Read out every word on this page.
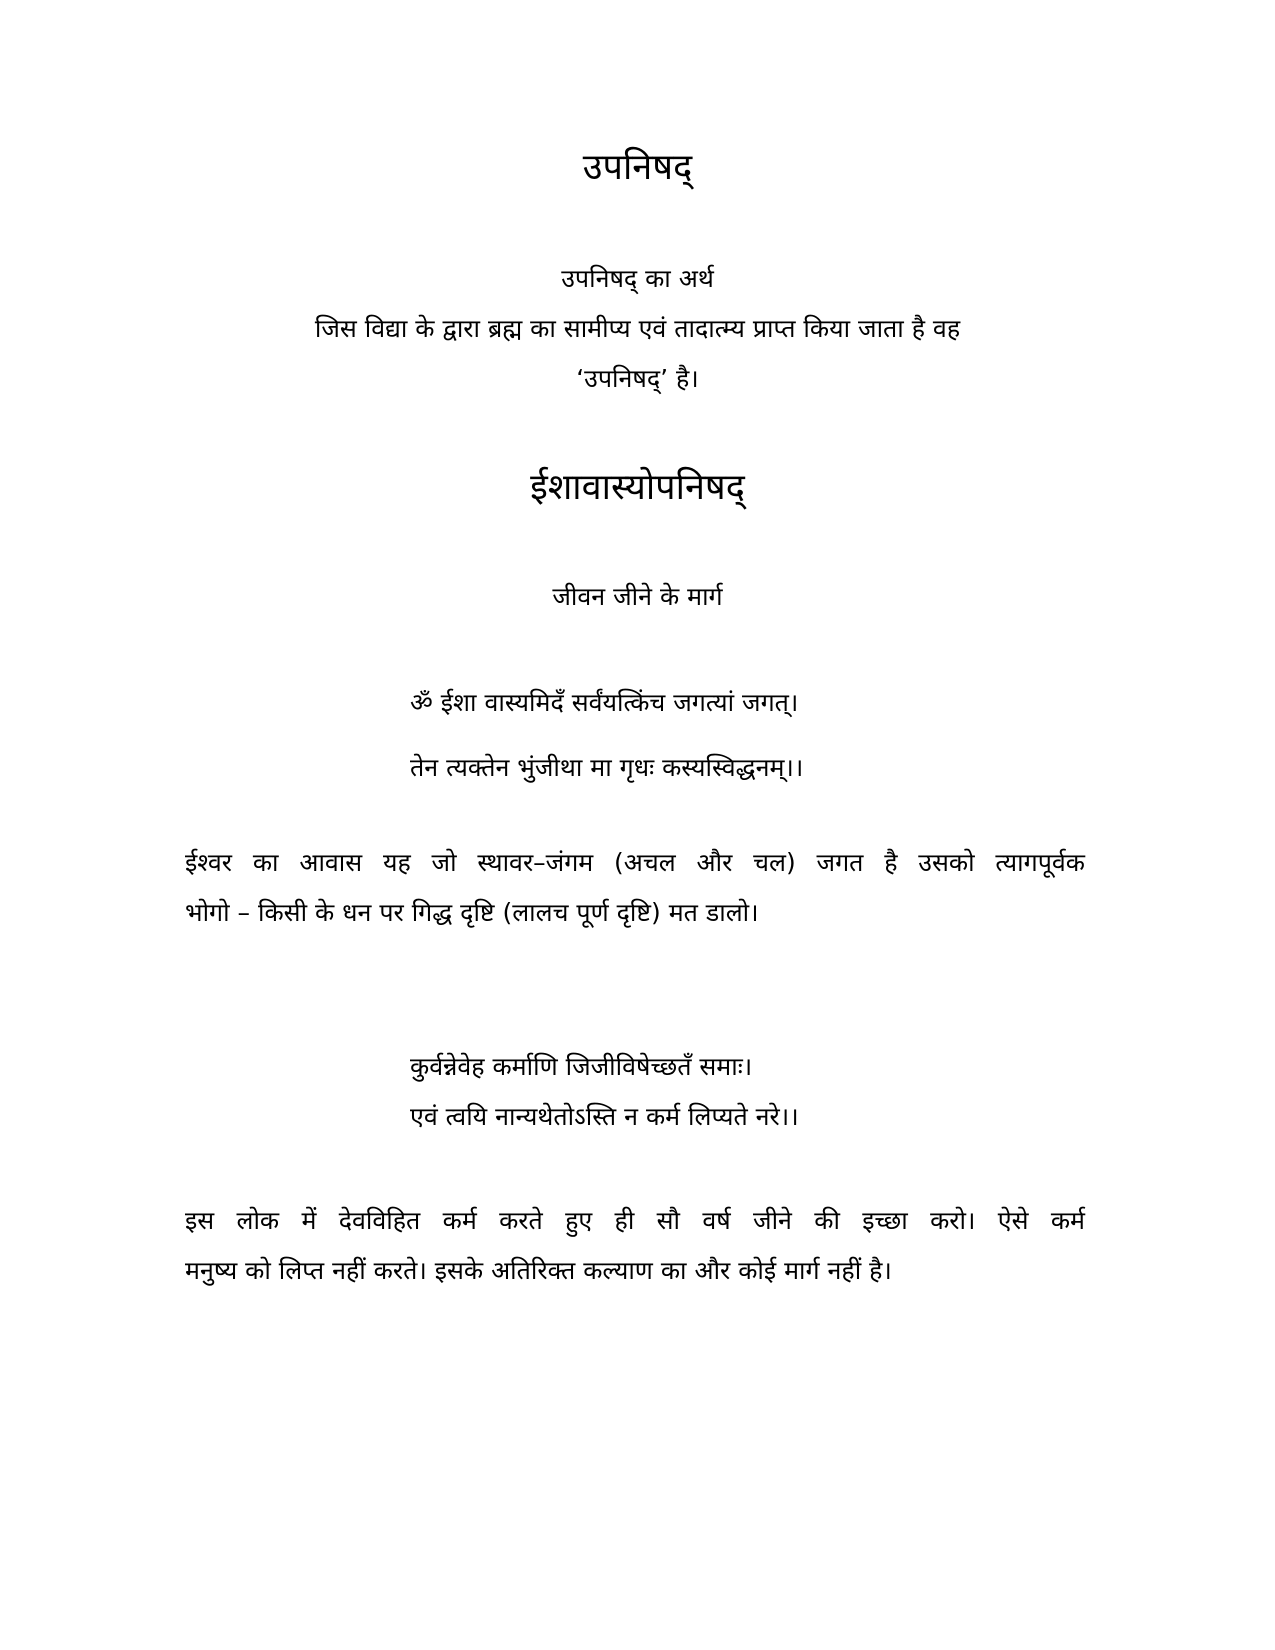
उपनिषद्
उपनिषद् का अर्थ
जिस विद्या के द्वारा ब्रह्म का सामीप्य एवं तादात्म्य प्राप्त किया जाता है वह
‘उपनिषद्’ है।
ईशावास्योपनिषद्
जीवन जीने के मार्ग
ॐ ईशा वास्यमिदँ सर्वंयत्किंच जगत्यां जगत्।
तेन त्यक्तेन भुंजीथा मा गृधः कस्यस्विद्धनम्।।
ईश्वर का आवास यह जो स्थावर–जंगम (अचल और चल) जगत है उसको त्यागपूर्वक
भोगो – किसी के धन पर गिद्ध दृष्टि (लालच पूर्ण दृष्टि) मत डालो।
कुर्वन्नेवेह कर्माणि जिजीविषेच्छतँ समाः।
एवं त्वयि नान्यथेतोऽस्ति न कर्म लिप्यते नरे।।
इस लोक में देवविहित कर्म करते हुए ही सौ वर्ष जीने की इच्छा करो। ऐसे कर्म
मनुष्य को लिप्त नहीं करते। इसके अतिरिक्त कल्याण का और कोई मार्ग नहीं है।
